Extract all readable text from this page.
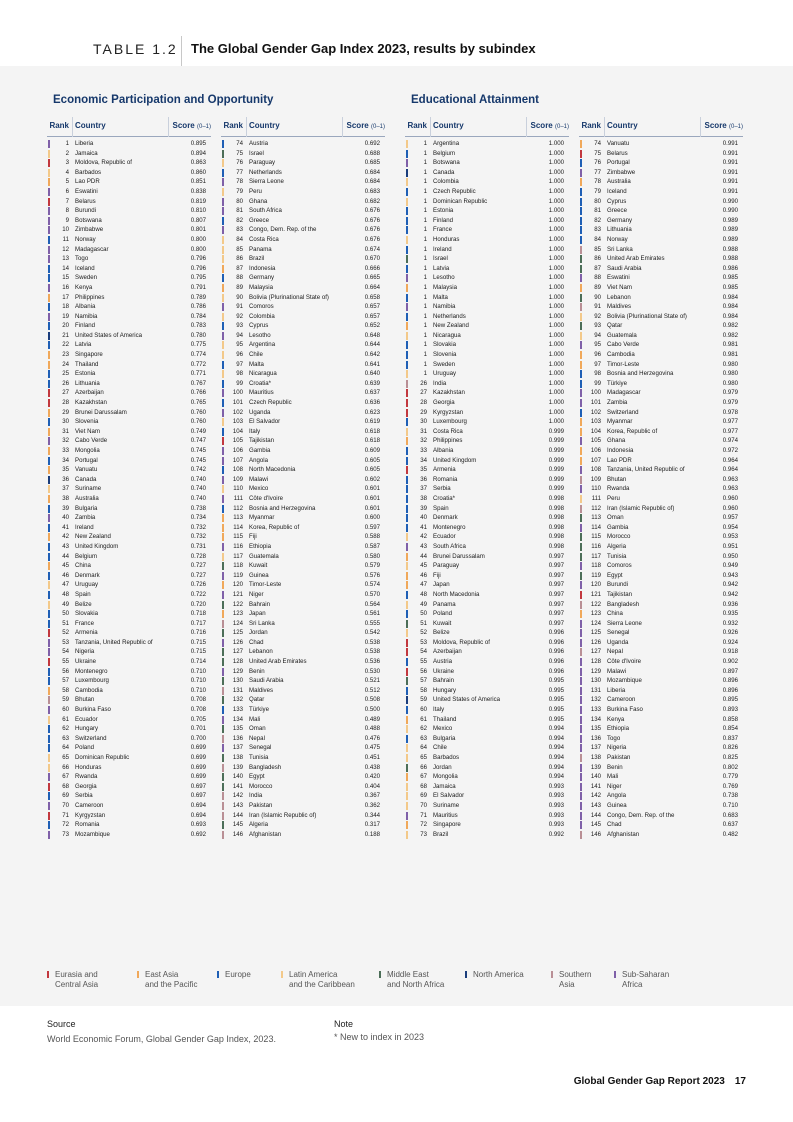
TABLE 1.2 The Global Gender Gap Index 2023, results by subindex
Economic Participation and Opportunity	Educational Attainment
Rank Country	Score (0–1)
1 Liberia	0.895
2 Jamaica	0.894
3 Moldova, Republic of	0.863
4 Barbados	0.860
5 Lao PDR	0.851
6 Eswatini	0.838
7 Belarus	0.819
8 Burundi	0.810
9 Botswana	0.807
10 Zimbabwe	0.801
11 Norway	0.800
12 Madagascar	0.800
13 Togo	0.796
14 Iceland	0.796
15 Sweden	0.795
16 Kenya	0.791
17 Philippines	0.789
18 Albania	0.786
19 Namibia	0.784
20 Finland	0.783
21 United States of America	0.780
22 Latvia	0.775
23 Singapore	0.774
24 Thailand	0.772
25 Estonia	0.771
26 Lithuania	0.767
27 Azerbaijan	0.766
28 Kazakhstan	0.765
29 Brunei Darussalam	0.760
30 Slovenia	0.760
31 Viet Nam	0.749
32 Cabo Verde	0.747
33 Mongolia	0.745
34 Portugal	0.745
35 Vanuatu	0.742
36 Canada	0.740
37 Suriname	0.740
38 Australia	0.740
39 Bulgaria	0.738
40 Zambia	0.734
41 Ireland	0.732
42 New Zealand	0.732
43 United Kingdom	0.731
44 Belgium	0.728
45 China	0.727
46 Denmark	0.727
47 Uruguay	0.726
48 Spain	0.722
49 Belize	0.720
50 Slovakia	0.718
51 France	0.717
52 Armenia	0.716
53 Tanzania, United Republic of	0.715
54 Nigeria	0.715
55 Ukraine	0.714
56 Montenegro	0.710
57 Luxembourg	0.710
58 Cambodia	0.710
59 Bhutan	0.708
60 Burkina Faso	0.708
61 Ecuador	0.705
62 Hungary	0.701
63 Switzerland	0.700
64 Poland	0.699
65 Dominican Republic	0.699
66 Honduras	0.699
67 Rwanda	0.699
68 Georgia	0.697
69 Serbia	0.697
70 Cameroon	0.694
71 Kyrgyzstan	0.694
72 Romania	0.693
73 Mozambique	0.692
Rank Country	Score (0–1)
74 Austria	0.692
75 Israel	0.688
76 Paraguay	0.685
77 Netherlands	0.684
78 Sierra Leone	0.684
79 Peru	0.683
80 Ghana	0.682
81 South Africa	0.676
82 Greece	0.676
83 Congo, Dem. Rep. of the	0.676
84 Costa Rica	0.676
85 Panama	0.674
86 Brazil	0.670
87 Indonesia	0.666
88 Germany	0.665
89 Malaysia	0.664
90 Bolivia (Plurinational State of)	0.658
91 Comoros	0.657
92 Colombia	0.657
93 Cyprus	0.652
94 Lesotho	0.648
95 Argentina	0.644
96 Chile	0.642
97 Malta	0.641
98 Nicaragua	0.640
99 Croatia*	0.639
100 Mauritius	0.637
101 Czech Republic	0.636
102 Uganda	0.623
103 El Salvador	0.619
104 Italy	0.618
105 Tajikistan	0.618
106 Gambia	0.609
107 Angola	0.605
108 North Macedonia	0.605
109 Malawi	0.602
110 Mexico	0.601
111 Côte d'Ivoire	0.601
112 Bosnia and Herzegovina	0.601
113 Myanmar	0.600
114 Korea, Republic of	0.597
115 Fiji	0.588
116 Ethiopia	0.587
117 Guatemala	0.580
118 Kuwait	0.579
119 Guinea	0.576
120 Timor-Leste	0.574
121 Niger	0.570
122 Bahrain	0.564
123 Japan	0.561
124 Sri Lanka	0.555
125 Jordan	0.542
126 Chad	0.538
127 Lebanon	0.538
128 United Arab Emirates	0.536
129 Benin	0.530
130 Saudi Arabia	0.521
131 Maldives	0.512
132 Qatar	0.508
133 Türkiye	0.500
134 Mali	0.489
135 Oman	0.488
136 Nepal	0.476
137 Senegal	0.475
138 Tunisia	0.451
139 Bangladesh	0.438
140 Egypt	0.420
141 Morocco	0.404
142 India	0.367
143 Pakistan	0.362
144 Iran (Islamic Republic of)	0.344
145 Algeria	0.317
146 Afghanistan	0.188
Rank Country	Score (0–1)
1 Argentina	1.000
1 Belgium	1.000
1 Botswana	1.000
1 Canada	1.000
1 Colombia	1.000
1 Czech Republic	1.000
1 Dominican Republic	1.000
1 Estonia	1.000
1 Finland	1.000
1 France	1.000
1 Honduras	1.000
1 Ireland	1.000
1 Israel	1.000
1 Latvia	1.000
1 Lesotho	1.000
1 Malaysia	1.000
1 Malta	1.000
1 Namibia	1.000
1 Netherlands	1.000
1 New Zealand	1.000
1 Nicaragua	1.000
1 Slovakia	1.000
1 Slovenia	1.000
1 Sweden	1.000
1 Uruguay	1.000
26 India	1.000
27 Kazakhstan	1.000
28 Georgia	1.000
29 Kyrgyzstan	1.000
30 Luxembourg	1.000
31 Costa Rica	0.999
32 Philippines	0.999
33 Albania	0.999
34 United Kingdom	0.999
35 Armenia	0.999
36 Romania	0.999
37 Serbia	0.999
38 Croatia*	0.998
39 Spain	0.998
40 Denmark	0.998
41 Montenegro	0.998
42 Ecuador	0.998
43 South Africa	0.998
44 Brunei Darussalam	0.997
45 Paraguay	0.997
46 Fiji	0.997
47 Japan	0.997
48 North Macedonia	0.997
49 Panama	0.997
50 Poland	0.997
51 Kuwait	0.997
52 Belize	0.996
53 Moldova, Republic of	0.996
54 Azerbaijan	0.996
55 Austria	0.996
56 Ukraine	0.996
57 Bahrain	0.995
58 Hungary	0.995
59 United States of America	0.995
60 Italy	0.995
61 Thailand	0.995
62 Mexico	0.994
63 Bulgaria	0.994
64 Chile	0.994
65 Barbados	0.994
66 Jordan	0.994
67 Mongolia	0.994
68 Jamaica	0.993
69 El Salvador	0.993
70 Suriname	0.993
71 Mauritius	0.993
72 Singapore	0.993
73 Brazil	0.992
Rank Country	Score (0–1)
74 Vanuatu	0.991
75 Belarus	0.991
76 Portugal	0.991
77 Zimbabwe	0.991
78 Australia	0.991
79 Iceland	0.991
80 Cyprus	0.990
81 Greece	0.990
82 Germany	0.989
83 Lithuania	0.989
84 Norway	0.989
85 Sri Lanka	0.988
86 United Arab Emirates	0.988
87 Saudi Arabia	0.986
88 Eswatini	0.985
89 Viet Nam	0.985
90 Lebanon	0.984
91 Maldives	0.984
92 Bolivia (Plurinational State of)	0.984
93 Qatar	0.982
94 Guatemala	0.982
95 Cabo Verde	0.981
96 Cambodia	0.981
97 Timor-Leste	0.980
98 Bosnia and Herzegovina	0.980
99 Türkiye	0.980
100 Madagascar	0.979
101 Zambia	0.979
102 Switzerland	0.978
103 Myanmar	0.977
104 Korea, Republic of	0.977
105 Ghana	0.974
106 Indonesia	0.972
107 Lao PDR	0.964
108 Tanzania, United Republic of	0.964
109 Bhutan	0.963
110 Rwanda	0.963
111 Peru	0.960
112 Iran (Islamic Republic of)	0.960
113 Oman	0.957
114 Gambia	0.954
115 Morocco	0.953
116 Algeria	0.951
117 Tunisia	0.950
118 Comoros	0.949
119 Egypt	0.943
120 Burundi	0.942
121 Tajikistan	0.942
122 Bangladesh	0.936
123 China	0.935
124 Sierra Leone	0.932
125 Senegal	0.926
126 Uganda	0.924
127 Nepal	0.918
128 Côte d'Ivoire	0.902
129 Malawi	0.897
130 Mozambique	0.896
131 Liberia	0.896
132 Cameroon	0.895
133 Burkina Faso	0.893
134 Kenya	0.858
135 Ethiopia	0.854
136 Togo	0.837
137 Nigeria	0.826
138 Pakistan	0.825
139 Benin	0.802
140 Mali	0.779
141 Niger	0.769
142 Angola	0.738
143 Guinea	0.710
144 Congo, Dem. Rep. of the	0.683
145 Chad	0.637
146 Afghanistan	0.482
Eurasia and
Central Asia
East Asia
and the Pacific
Europe	Latin America
and the Caribbean
Middle East
and North Africa
North America	Southern
Asia
Sub-Saharan
Africa
Source
World Economic Forum, Global Gender Gap Index, 2023.
Note
* New to index in 2023
Global Gender Gap Report 2023 17
